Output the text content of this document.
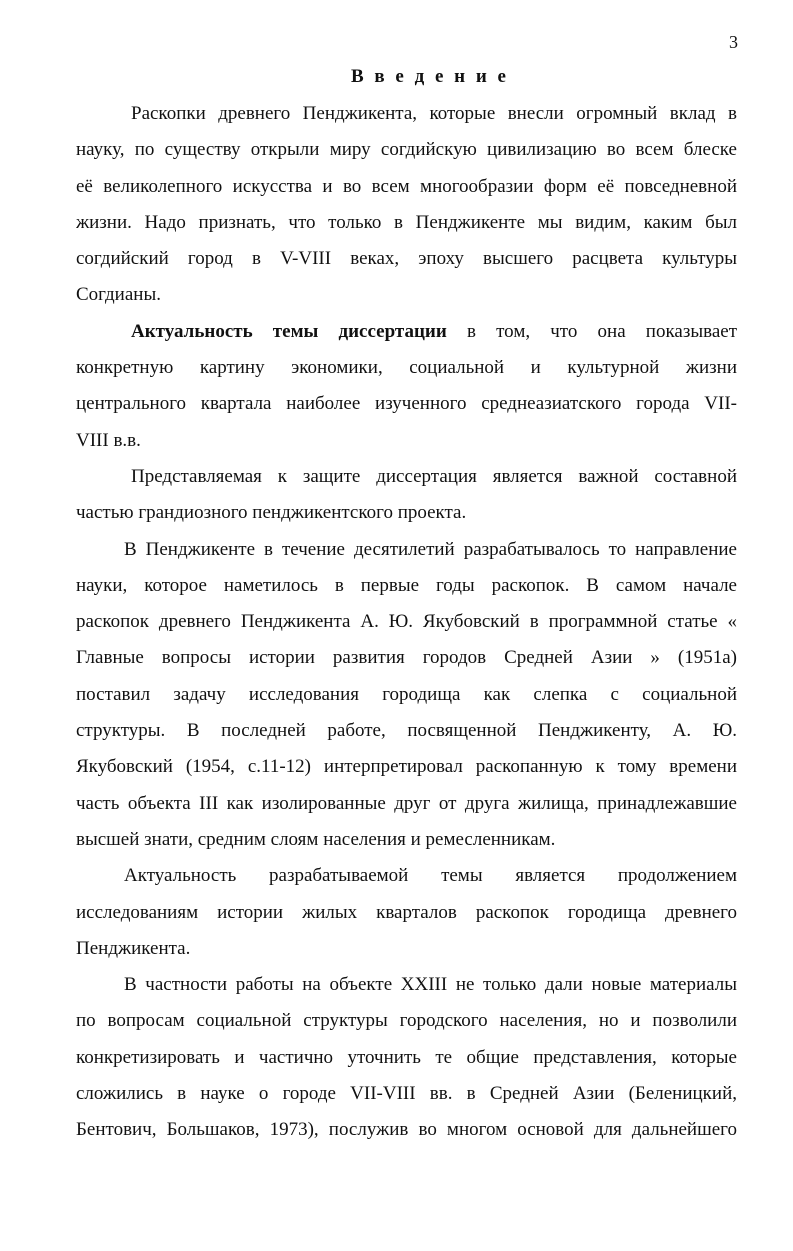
3
В в е д е н и е
Раскопки древнего Пенджикента, которые внесли огромный вклад в
науку, по существу открыли миру согдийскую цивилизацию во всем блеске
её великолепного искусства и во всем многообразии форм её повседневной
жизни. Надо признать, что только в Пенджикенте мы видим, каким был
согдийский город в V-VIII веках, эпоху высшего расцвета культуры
Согдианы.
Актуальность темы диссертации в том, что она показывает
конкретную картину экономики, социальной и культурной жизни
центрального квартала наиболее изученного среднеазиатского города VII-
VIII в.в.
Представляемая к защите диссертация является важной составной
частью грандиозного пенджикентского проекта.
В Пенджикенте в течение десятилетий разрабатывалось то направление
науки, которое наметилось в первые годы раскопок. В самом начале
раскопок древнего Пенджикента А. Ю. Якубовский в программной статье «
Главные вопросы истории развития городов Средней Азии » (1951а)
поставил задачу исследования городища как слепка с социальной
структуры. В последней работе, посвященной Пенджикенту, А. Ю.
Якубовский (1954, с.11-12) интерпретировал раскопанную к тому времени
часть объекта III как изолированные друг от друга жилища, принадлежавшие
высшей знати, средним слоям населения и ремесленникам.
Актуальность разрабатываемой темы является продолжением
исследованиям истории жилых кварталов раскопок городища древнего
Пенджикента.
В частности работы на объекте XXIII не только дали новые материалы
по вопросам социальной структуры городского населения, но и позволили
конкретизировать и частично уточнить те общие представления, которые
сложились в науке о городе VII-VIII вв. в Средней Азии (Беленицкий,
Бентович, Большаков, 1973), послужив во многом основой для дальнейшего
